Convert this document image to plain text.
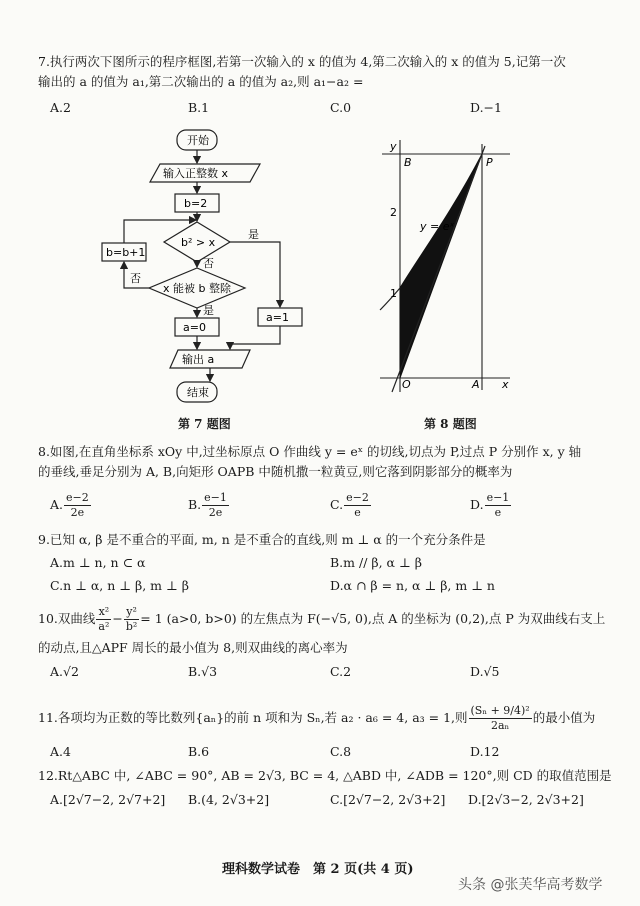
7.执行两次下图所示的程序框图,若第一次输入的 x 的值为 4,第二次输入的 x 的值为 5,记第一次
输出的 a 的值为 a₁,第二次输出的 a 的值为 a₂,则 a₁−a₂ =
A.2	B.1	C.0	D.−1
开始
输入正整数 x
b=2
b² > x
是
否
x 能被 b 整除
是
否
b=b+1
a=0
a=1
输出 a
结束
第 7 题图
B	P
2
1
O	A x
y
y = eˣ
第 8 题图
8.如图,在直角坐标系 xOy 中,过坐标原点 O 作曲线 y = eˣ 的切线,切点为 P,过点 P 分别作 x, y 轴
的垂线,垂足分别为 A, B,向矩形 OAPB 中随机撒一粒黄豆,则它落到阴影部分的概率为
A. $\frac{e-2}{2e}$	B. $\frac{e-1}{2e}$	C. $\frac{e-2}{e}$	D. $\frac{e-1}{e}$
9.已知 α, β 是不重合的平面, m, n 是不重合的直线,则 m ⊥ α 的一个充分条件是
A.m ⊥ n, n ⊂ α	B.m // β, α ⊥ β
C.n ⊥ α, n ⊥ β, m ⊥ β	D.α ∩ β = n, α ⊥ β, m ⊥ n
10.双曲线 $\frac{\text{x²}}{\text{a²}} - \frac{\text{y²}}{\text{b²}} = 1$ (a>0, b>0) 的左焦点为 F(−√5, 0),点 A 的坐标为 (0,2),点 P 为双曲线右支上
的动点,且△APF 周长的最小值为 8,则双曲线的离心率为
A.√2	B.√3	C.2	D.√5
11.各项均为正数的等比数列{aₙ}的前 n 项和为 Sₙ,若 a₂ · a₆ = 4, a₃ = 1,则 $\frac{\text{(Sₙ + 9/4)²}}{\text{2aₙ}}$ 的最小值为
A.4	B.6	C.8	D.12
12.Rt△ABC 中, ∠ABC = 90°, AB = 2√3, BC = 4, △ABD 中, ∠ADB = 120°,则 CD 的取值范围是
A.[2√7−2, 2√7+2] B.(4, 2√3+2]	C.[2√7−2, 2√3+2] D.[2√3−2, 2√3+2]
理科数学试卷　第 2 页(共 4 页)
头条 @张芙华高考数学
